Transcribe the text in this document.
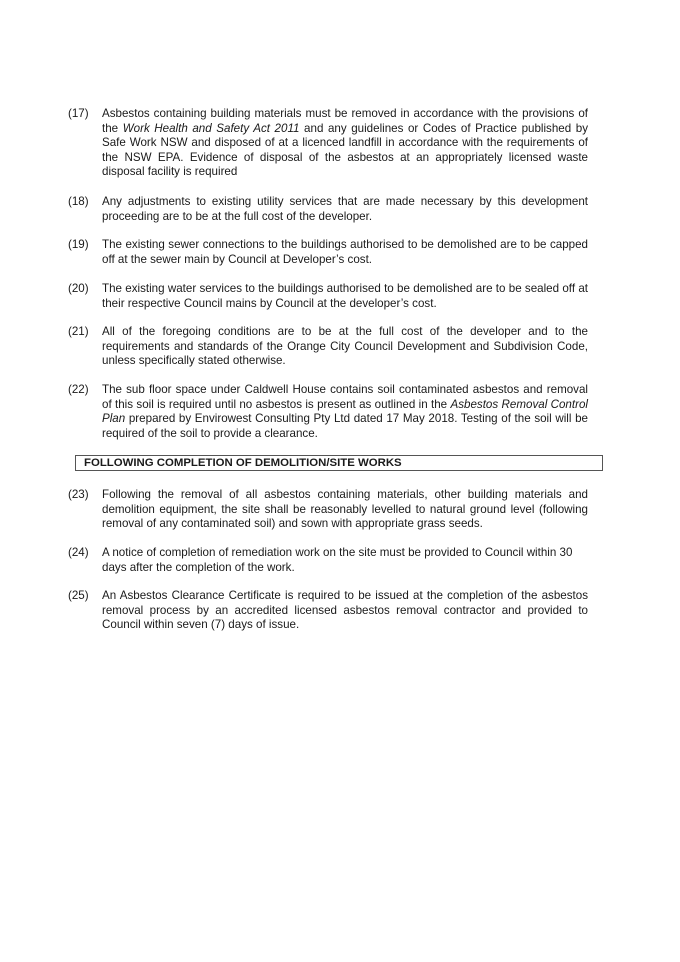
(17)	Asbestos containing building materials must be removed in accordance with the provisions of the Work Health and Safety Act 2011 and any guidelines or Codes of Practice published by Safe Work NSW and disposed of at a licenced landfill in accordance with the requirements of the NSW EPA. Evidence of disposal of the asbestos at an appropriately licensed waste disposal facility is required
(18)	Any adjustments to existing utility services that are made necessary by this development proceeding are to be at the full cost of the developer.
(19)	The existing sewer connections to the buildings authorised to be demolished are to be capped off at the sewer main by Council at Developer’s cost.
(20)	The existing water services to the buildings authorised to be demolished are to be sealed off at their respective Council mains by Council at the developer’s cost.
(21)	All of the foregoing conditions are to be at the full cost of the developer and to the requirements and standards of the Orange City Council Development and Subdivision Code, unless specifically stated otherwise.
(22)	The sub floor space under Caldwell House contains soil contaminated asbestos and removal of this soil is required until no asbestos is present as outlined in the Asbestos Removal Control Plan prepared by Envirowest Consulting Pty Ltd dated 17 May 2018. Testing of the soil will be required of the soil to provide a clearance.
FOLLOWING COMPLETION OF DEMOLITION/SITE WORKS
(23)	Following the removal of all asbestos containing materials, other building materials and demolition equipment, the site shall be reasonably levelled to natural ground level (following removal of any contaminated soil) and sown with appropriate grass seeds.
(24)	A notice of completion of remediation work on the site must be provided to Council within 30 days after the completion of the work.
(25)	An Asbestos Clearance Certificate is required to be issued at the completion of the asbestos removal process by an accredited licensed asbestos removal contractor and provided to Council within seven (7) days of issue.
